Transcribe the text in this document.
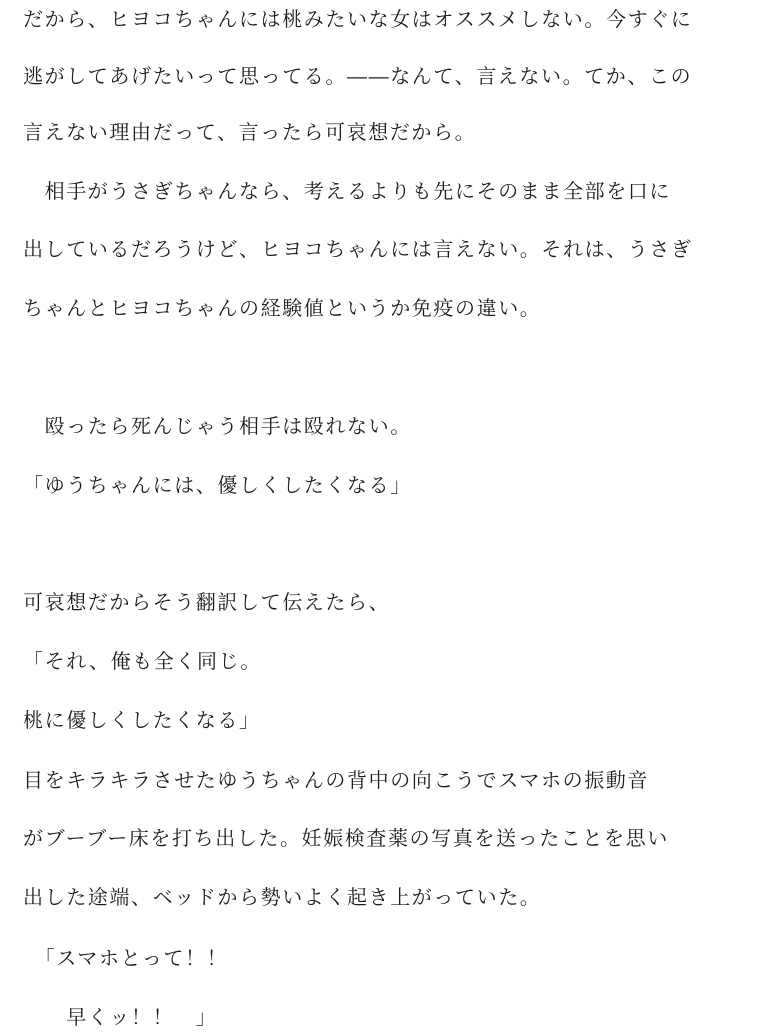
だから、ヒヨコちゃんには桃みたいな女はオススメしない。今すぐに
逃がしてあげたいって思ってる。――なんて、言えない。てか、この
言えない理由だって、言ったら可哀想だから。
　相手がうさぎちゃんなら、考えるよりも先にそのまま全部を口に
出しているだろうけど、ヒヨコちゃんには言えない。それは、うさぎ
ちゃんとヒヨコちゃんの経験値というか免疫の違い。
　殴ったら死んじゃう相手は殴れない。
「ゆうちゃんには、優しくしたくなる」
可哀想だからそう翻訳して伝えたら、
「それ、俺も全く同じ。
桃に優しくしたくなる」
目をキラキラさせたゆうちゃんの背中の向こうでスマホの振動音
がブーブー床を打ち出した。妊娠検査薬の写真を送ったことを思い
出した途端、ベッドから勢いよく起き上がっていた。
　「スマホとって！！
　　早くッ！！　」
